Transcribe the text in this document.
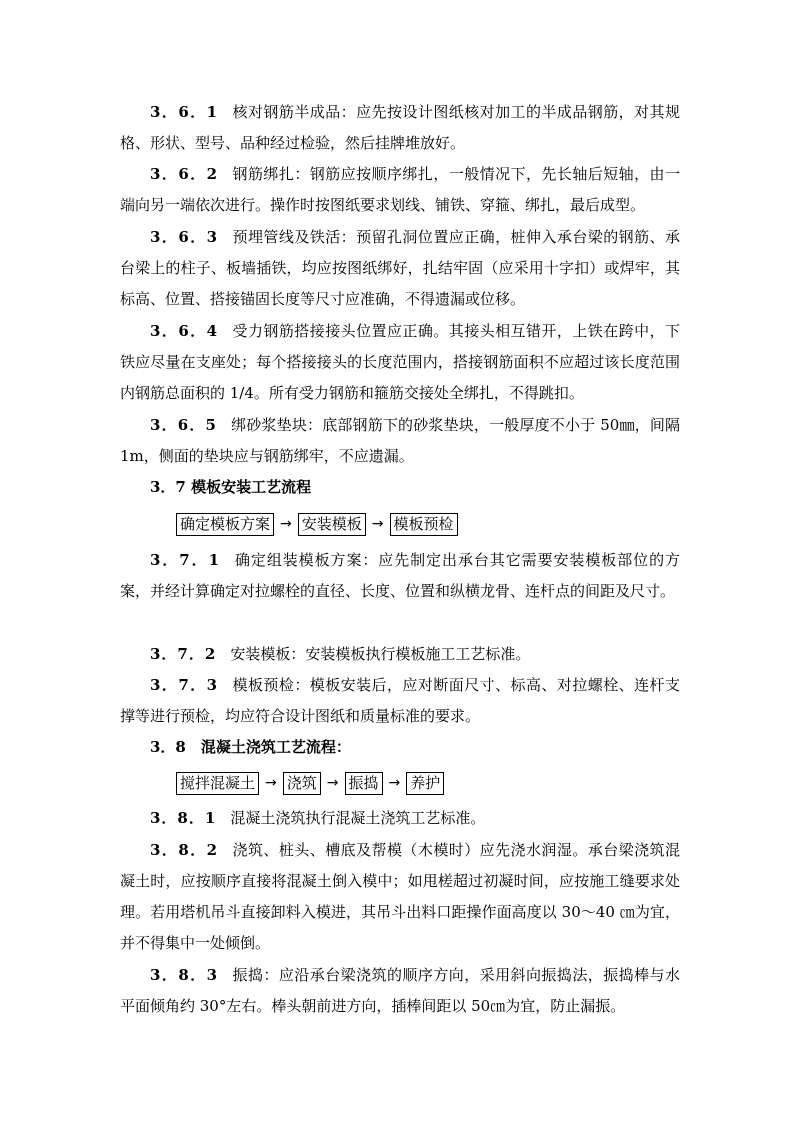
3．6．1 核对钢筋半成品：应先按设计图纸核对加工的半成品钢筋，对其规格、形状、型号、品种经过检验，然后挂牌堆放好。

3．6．2 钢筋绑扎：钢筋应按顺序绑扎，一般情况下，先长轴后短轴，由一端向另一端依次进行。操作时按图纸要求划线、铺铁、穿箍、绑扎，最后成型。

3．6．3 预埋管线及铁活：预留孔洞位置应正确，桩伸入承台梁的钢筋、承台梁上的柱子、板墙插铁，均应按图纸绑好，扎结牢固（应采用十字扣）或焊牢，其标高、位置、搭接锚固长度等尺寸应准确，不得遗漏或位移。

3．6．4 受力钢筋搭接接头位置应正确。其接头相互错开，上铁在跨中，下铁应尽量在支座处；每个搭接接头的长度范围内，搭接钢筋面积不应超过该长度范围内钢筋总面积的 1/4。所有受力钢筋和箍筋交接处全绑扎，不得跳扣。

3．6．5 绑砂浆垫块：底部钢筋下的砂浆垫块，一般厚度不小于 50㎜，间隔 1m，侧面的垫块应与钢筋绑牢，不应遗漏。

3．7 模板安装工艺流程

确定模板方案 → 安装模板 → 模板预检

3．7．1 确定组装模板方案：应先制定出承台其它需要安装模板部位的方案，并经计算确定对拉螺栓的直径、长度、位置和纵横龙骨、连杆点的间距及尺寸。

3．7．2 安装模板：安装模板执行模板施工工艺标准。

3．7．3 模板预检：模板安装后，应对断面尺寸、标高、对拉螺栓、连杆支撑等进行预检，均应符合设计图纸和质量标准的要求。

3．8　混凝土浇筑工艺流程：

搅拌混凝土 → 浇筑 → 振捣 → 养护

3．8．1 混凝土浇筑执行混凝土浇筑工艺标准。

3．8．2 浇筑、桩头、槽底及帮模（木模时）应先浇水润湿。承台梁浇筑混凝土时，应按顺序直接将混凝土倒入模中；如甩槎超过初凝时间，应按施工缝要求处理。若用塔机吊斗直接卸料入模进，其吊斗出料口距操作面高度以 30～40 ㎝为宜，并不得集中一处倾倒。

3．8．3 振捣：应沿承台梁浇筑的顺序方向，采用斜向振捣法，振捣棒与水平面倾角约 30°左右。棒头朝前进方向，插棒间距以 50㎝为宜，防止漏振。
